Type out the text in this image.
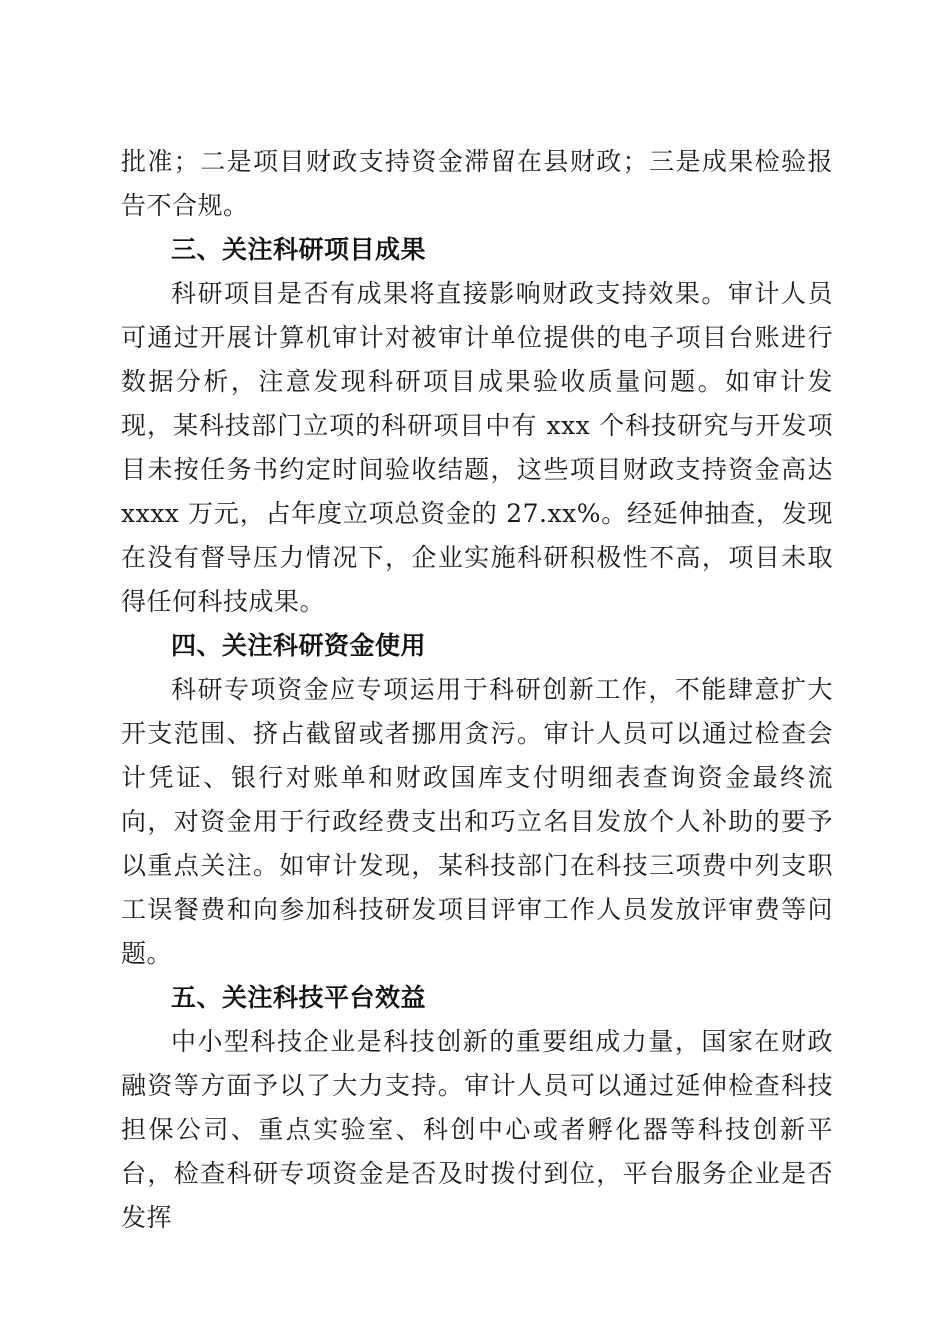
批准；二是项目财政支持资金滞留在县财政；三是成果检验报告不合规。

三、关注科研项目成果

科研项目是否有成果将直接影响财政支持效果。审计人员可通过开展计算机审计对被审计单位提供的电子项目台账进行数据分析，注意发现科研项目成果验收质量问题。如审计发现，某科技部门立项的科研项目中有 xxx 个科技研究与开发项目未按任务书约定时间验收结题，这些项目财政支持资金高达 xxxx 万元，占年度立项总资金的 27.xx%。经延伸抽查，发现在没有督导压力情况下，企业实施科研积极性不高，项目未取得任何科技成果。

四、关注科研资金使用

科研专项资金应专项运用于科研创新工作，不能肆意扩大开支范围、挤占截留或者挪用贪污。审计人员可以通过检查会计凭证、银行对账单和财政国库支付明细表查询资金最终流向，对资金用于行政经费支出和巧立名目发放个人补助的要予以重点关注。如审计发现，某科技部门在科技三项费中列支职工误餐费和向参加科技研发项目评审工作人员发放评审费等问题。

五、关注科技平台效益

中小型科技企业是科技创新的重要组成力量，国家在财政融资等方面予以了大力支持。审计人员可以通过延伸检查科技担保公司、重点实验室、科创中心或者孵化器等科技创新平台，检查科研专项资金是否及时拨付到位，平台服务企业是否发挥
